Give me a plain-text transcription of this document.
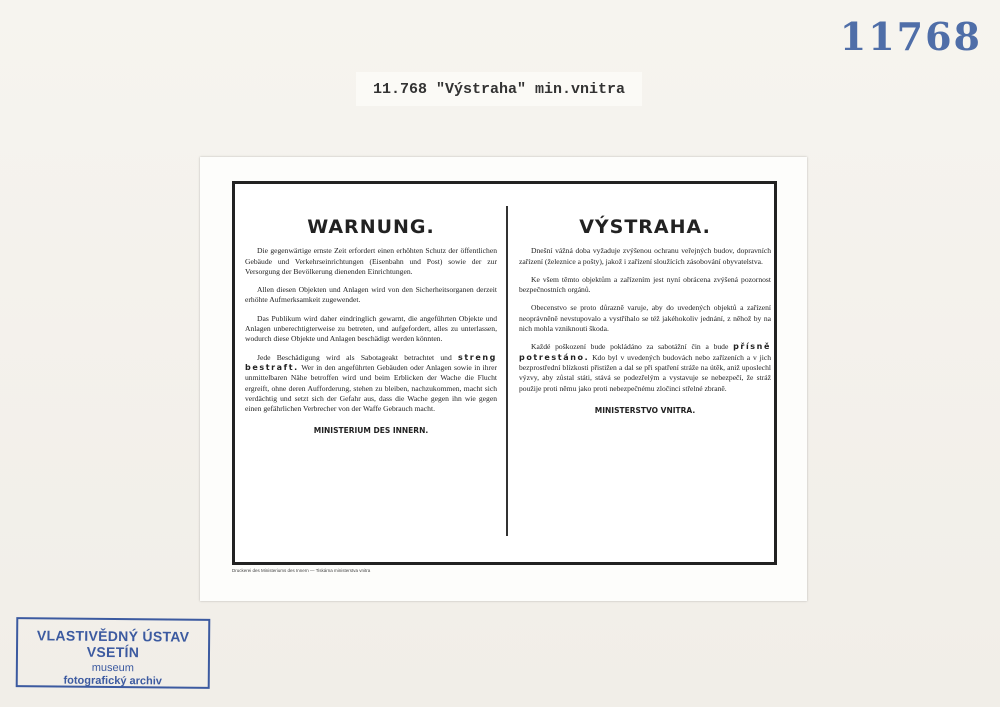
11768
11.768 "Výstraha" min.vnitra
WARNUNG.

Die gegenwärtige ernste Zeit erfordert einen erhöhten Schutz der öffentlichen Gebäude und Verkehrseinrichtungen (Eisenbahn und Post) sowie der zur Versorgung der Bevölkerung dienenden Einrichtungen.

Allen diesen Objekten und Anlagen wird von den Sicherheitsorganen derzeit erhöhte Aufmerksamkeit zugewendet.

Das Publikum wird daher eindringlich gewarnt, die angeführten Objekte und Anlagen unberechtigterweise zu betreten, und aufgefordert, alles zu unterlassen, wodurch diese Objekte und Anlagen beschädigt werden könnten.

Jede Beschädigung wird als Sabotageakt betrachtet und streng bestraft. Wer in den angeführten Gebäuden oder Anlagen sowie in ihrer unmittelbaren Nähe betroffen wird und beim Erblicken der Wache die Flucht ergreift, ohne deren Aufforderung, stehen zu bleiben, nachzukommen, macht sich verdächtig und setzt sich der Gefahr aus, dass die Wache gegen ihn wie gegen einen gefährlichen Verbrecher von der Waffe Gebrauch macht.

MINISTERIUM DES INNERN.

VÝSTRAHA.

Dnešní vážná doba vyžaduje zvýšenou ochranu veřejných budov, dopravních zařízení (železnice a pošty), jakož i zařízení sloužících zásobování obyvatelstva.

Ke všem těmto objektům a zařízením jest nyní obrácena zvýšená pozornost bezpečnostních orgánů.

Obecenstvo se proto důrazně varuje, aby do uvedených objektů a zařízení neoprávněně nevstupovalo a vystříhalo se též jakéhokoliv jednání, z něhož by na nich mohla vzniknouti škoda.

Každé poškození bude pokládáno za sabotážní čin a bude přísně potrestáno. Kdo byl v uvedených budovách nebo zařízeních a v jich bezprostřední blízkosti přistižen a dal se při spatření stráže na útěk, aniž uposlechl výzvy, aby zůstal státi, stává se podezřelým a vystavuje se nebezpečí, že stráž použije proti němu jako proti nebezpečnému zločinci střelné zbraně.

MINISTERSTVO VNITRA.

Druckerei des Ministeriums des Innern — Tiskárna ministerstva vnitra
VLASTIVĚDNÝ ÚSTAV VSETÍN
museum
fotografický archiv
